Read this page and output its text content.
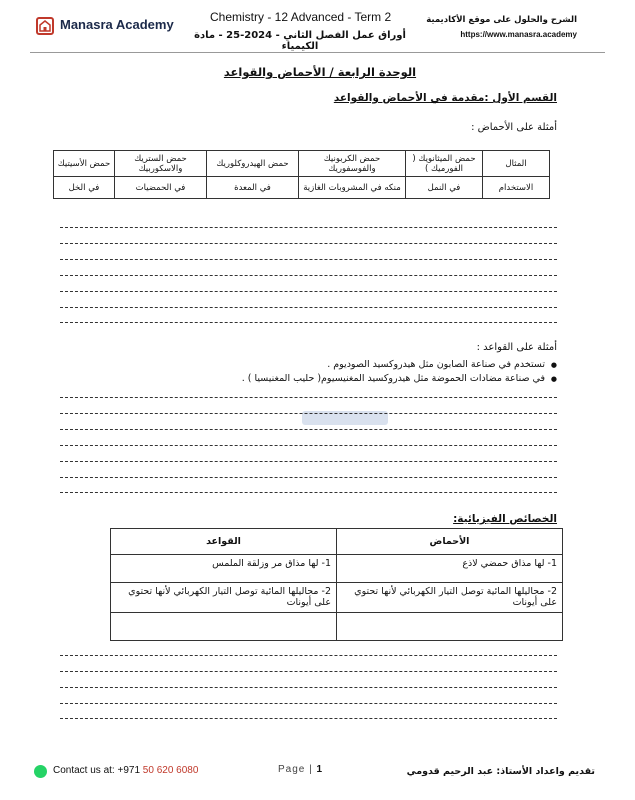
Manasra Academy	Chemistry - 12 Advanced - Term 2
أوراق عمل الفصل الثاني - 2024-25 - مادة الكيمياء
الشرح والحلول على موقع الأكاديمية
https://www.manasra.academy
الوحدة الرابعة / الأحماض والقواعد
القسم الأول :مقدمة في الأحماض والقواعد
أمثلة على الأحماض :
المثال	حمض الميثانويك ( الفورميك )	حمض الكربونيك والفوسفوريك	حمض الهيدروكلوريك	حمض الستريك والاسكوربيك	حمض الأسيتيك
الاستخدام	في النمل	منكه في المشروبات الغازية	في المعدة	في الحمضيات	في الخل
أمثلة على القواعد :
● تستخدم في صناعة الصابون مثل هيدروكسيد الصوديوم .
● في صناعة مضادات الحموضة مثل هيدروكسيد المغنيسيوم( حليب المغنيسيا ) .
الخصائص الفيزيائية:
الأحماض	القواعد
1- لها مذاق حمضي لاذع	1- لها مذاق مر وزلقة الملمس
2- محاليلها المائية توصل التيار الكهربائي لأنها تحتوي على أيونات	2- محاليلها المائية توصل التيار الكهربائي لأنها تحتوي على أيونات

Contact us at: +971 50 620 6080	Page | 1	تقديم واعداد الأستاذ: عبد الرحيم قدومي
